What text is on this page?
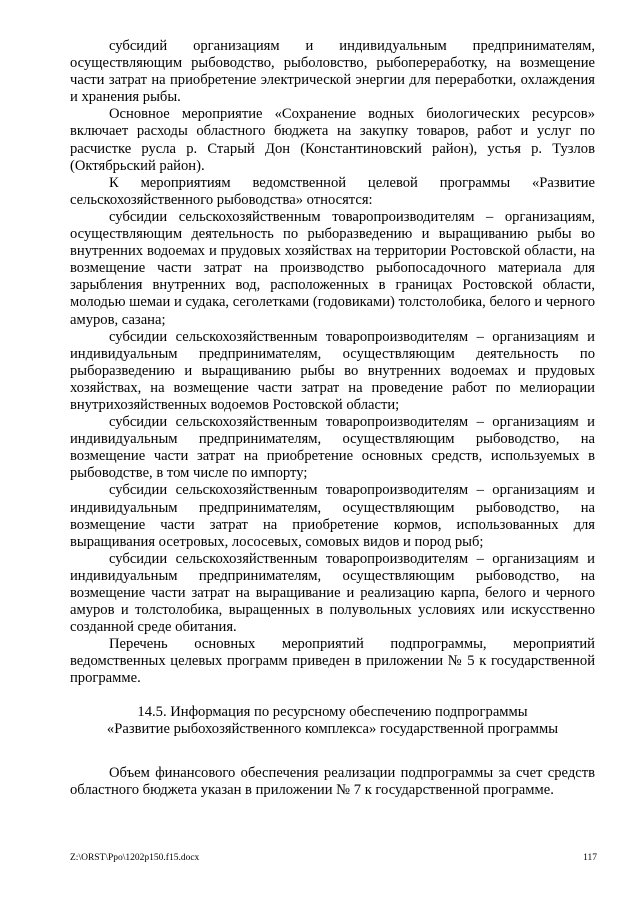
субсидий организациям и индивидуальным предпринимателям, осуществляющим рыбоводство, рыболовство, рыбопереработку, на возмещение части затрат на приобретение электрической энергии для переработки, охлаждения и хранения рыбы.

Основное мероприятие «Сохранение водных биологических ресурсов» включает расходы областного бюджета на закупку товаров, работ и услуг по расчистке русла р. Старый Дон (Константиновский район), устья р. Тузлов (Октябрьский район).

К мероприятиям ведомственной целевой программы «Развитие сельскохозяйственного рыбоводства» относятся:

субсидии сельскохозяйственным товаропроизводителям – организациям, осуществляющим деятельность по рыборазведению и выращиванию рыбы во внутренних водоемах и прудовых хозяйствах на территории Ростовской области, на возмещение части затрат на производство рыбопосадочного материала для зарыбления внутренних вод, расположенных в границах Ростовской области, молодью шемаи и судака, сеголетками (годовиками) толстолобика, белого и черного амуров, сазана;

субсидии сельскохозяйственным товаропроизводителям – организациям и индивидуальным предпринимателям, осуществляющим деятельность по рыборазведению и выращиванию рыбы во внутренних водоемах и прудовых хозяйствах, на возмещение части затрат на проведение работ по мелиорации внутрихозяйственных водоемов Ростовской области;

субсидии сельскохозяйственным товаропроизводителям – организациям и индивидуальным предпринимателям, осуществляющим рыбоводство, на возмещение части затрат на приобретение основных средств, используемых в рыбоводстве, в том числе по импорту;

субсидии сельскохозяйственным товаропроизводителям – организациям и индивидуальным предпринимателям, осуществляющим рыбоводство, на возмещение части затрат на приобретение кормов, использованных для выращивания осетровых, лососевых, сомовых видов и пород рыб;

субсидии сельскохозяйственным товаропроизводителям – организациям и индивидуальным предпринимателям, осуществляющим рыбоводство, на возмещение части затрат на выращивание и реализацию карпа, белого и черного амуров и толстолобика, выращенных в полувольных условиях или искусственно созданной среде обитания.

Перечень основных мероприятий подпрограммы, мероприятий ведомственных целевых программ приведен в приложении № 5 к государственной программе.

14.5. Информация по ресурсному обеспечению подпрограммы
«Развитие рыбохозяйственного комплекса» государственной программы

Объем финансового обеспечения реализации подпрограммы за счет средств областного бюджета указан в приложении № 7 к государственной программе.

Z:\ORST\Ppo\1202p150.f15.docx	117
